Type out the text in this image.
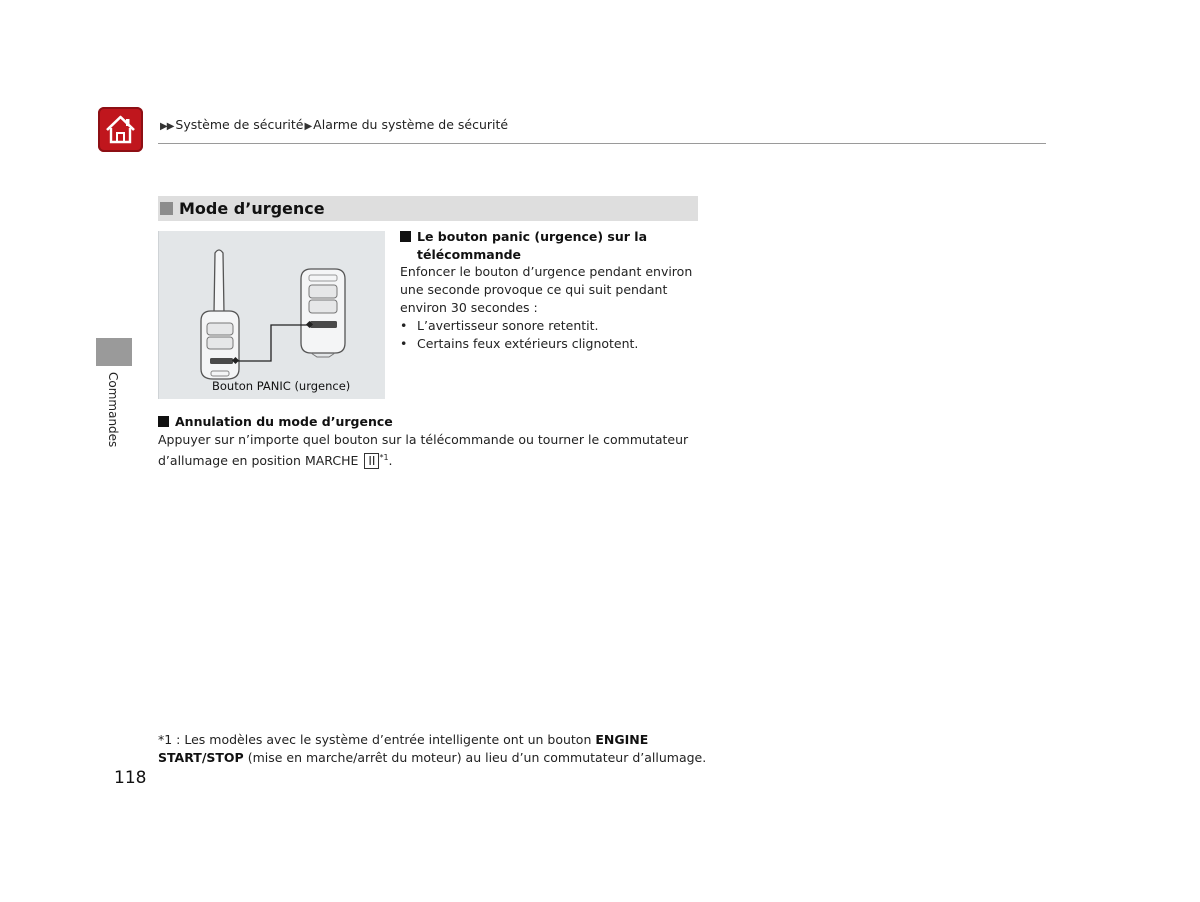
▶▶ Système de sécurité▶ Alarme du système de sécurité
Commandes
Mode d’urgence
Bouton PANIC (urgence)
Le bouton panic (urgence) sur la
télécommande
Enfoncer le bouton d’urgence pendant environ une seconde provoque ce qui suit pendant environ 30 secondes :
• L’avertisseur sonore retentit.
• Certains feux extérieurs clignotent.
Annulation du mode d’urgence
Appuyer sur n’importe quel bouton sur la télécommande ou tourner le commutateur d’allumage en position MARCHE II $^{*1}$.
*1 : Les modèles avec le système d’entrée intelligente ont un bouton ENGINE START/STOP (mise en marche/arrêt du moteur) au lieu d’un commutateur d’allumage.
118
